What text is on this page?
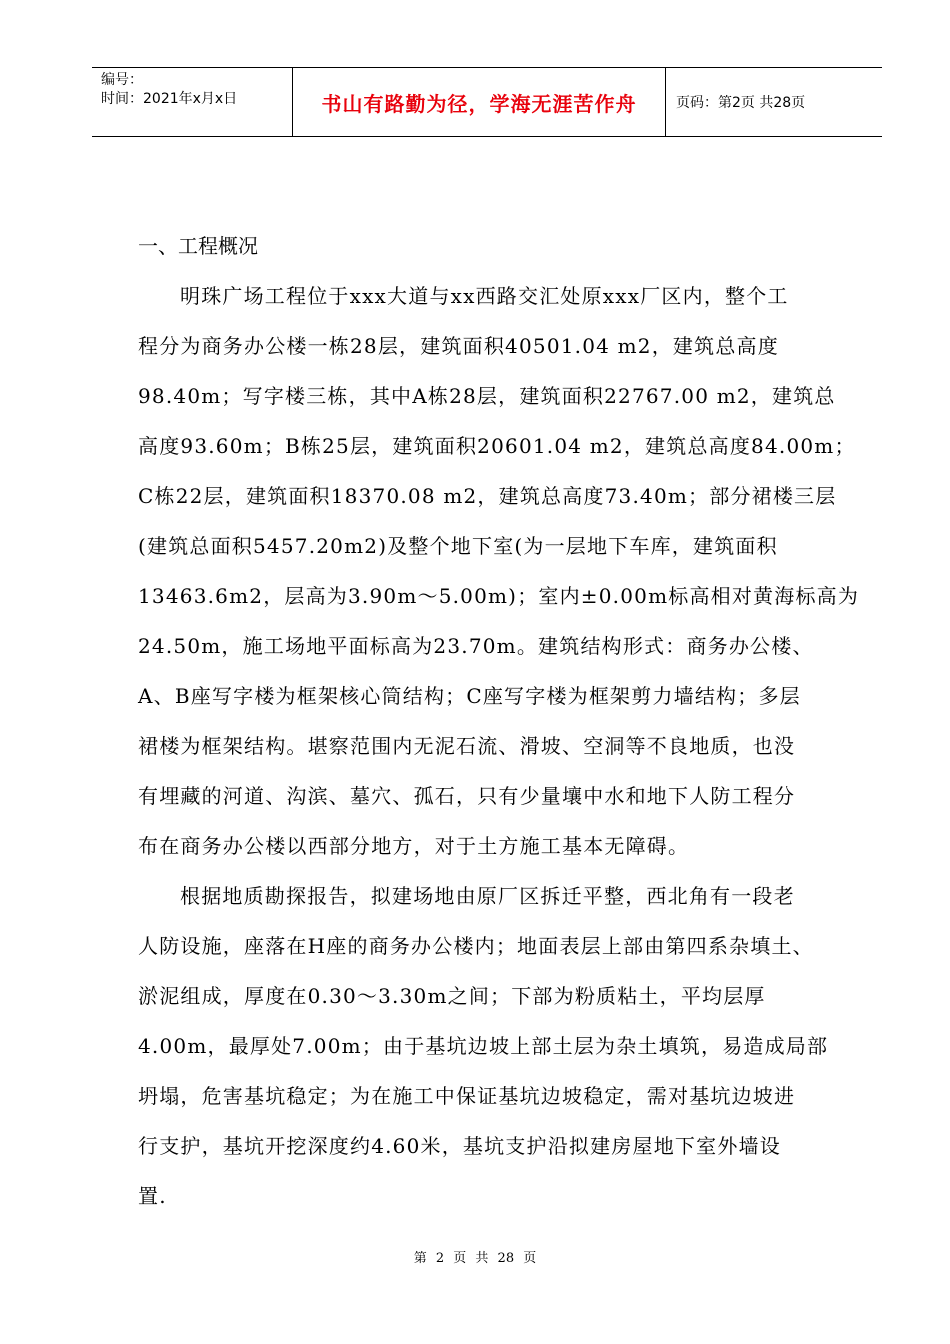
编号：
时间：2021年x月x日	书山有路勤为径，学海无涯苦作舟	页码：第2页 共28页
一、工程概况
明珠广场工程位于xxx大道与xx西路交汇处原xxx厂区内，整个工
程分为商务办公楼一栋28层，建筑面积40501.04 m2，建筑总高度
98.40m；写字楼三栋，其中A栋28层，建筑面积22767.00 m2，建筑总
高度93.60m；B栋25层，建筑面积20601.04 m2，建筑总高度84.00m；
C栋22层，建筑面积18370.08 m2，建筑总高度73.40m；部分裙楼三层
(建筑总面积5457.20m2)及整个地下室(为一层地下车库，建筑面积
13463.6m2，层高为3.90m～5.00m)；室内±0.00m标高相对黄海标高为
24.50m，施工场地平面标高为23.70m。建筑结构形式：商务办公楼、
A、B座写字楼为框架核心筒结构；C座写字楼为框架剪力墙结构；多层
裙楼为框架结构。堪察范围内无泥石流、滑坡、空洞等不良地质，也没
有埋藏的河道、沟滨、墓穴、孤石，只有少量壤中水和地下人防工程分
布在商务办公楼以西部分地方，对于土方施工基本无障碍。
根据地质勘探报告，拟建场地由原厂区拆迁平整，西北角有一段老
人防设施，座落在H座的商务办公楼内；地面表层上部由第四系杂填土、
淤泥组成，厚度在0.30～3.30m之间；下部为粉质粘土，平均层厚
4.00m，最厚处7.00m；由于基坑边坡上部土层为杂土填筑，易造成局部
坍塌，危害基坑稳定；为在施工中保证基坑边坡稳定，需对基坑边坡进
行支护，基坑开挖深度约4.60米，基坑支护沿拟建房屋地下室外墙设
置.
第 2 页 共 28 页
